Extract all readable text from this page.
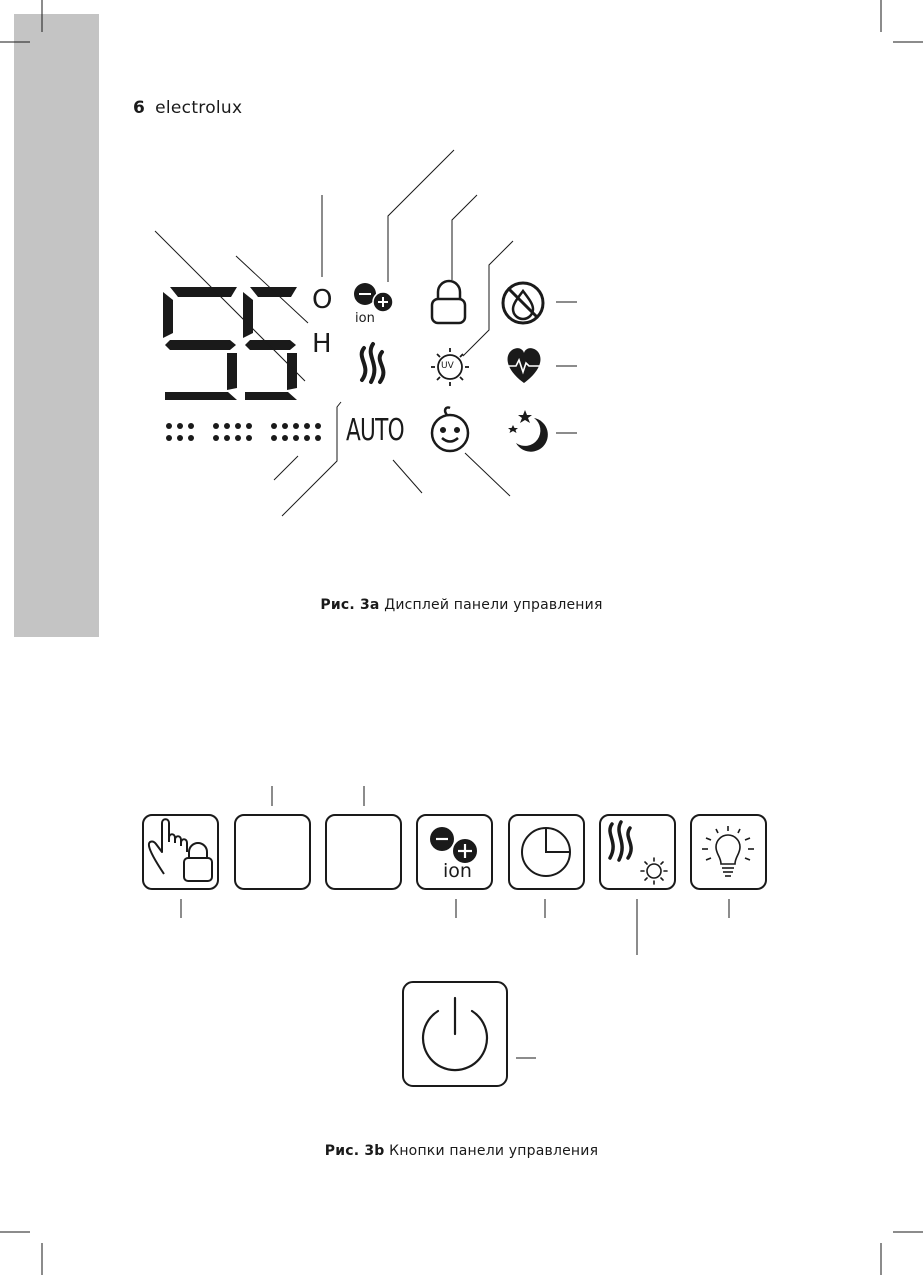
6 electrolux
O
H
ion
UV
AUTO
ion
Рис. 3a Дисплей панели управления
Рис. 3b Кнопки панели управления
